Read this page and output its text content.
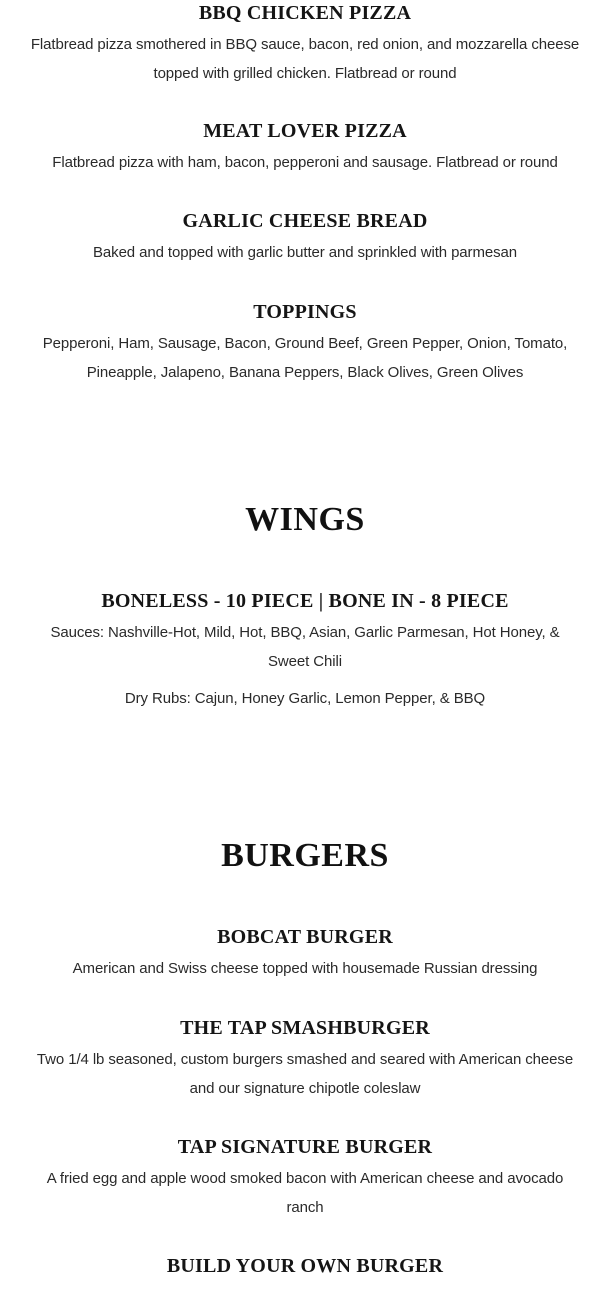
BBQ CHICKEN PIZZA

Flatbread pizza smothered in BBQ sauce, bacon, red onion, and mozzarella cheese topped with grilled chicken. Flatbread or round

MEAT LOVER PIZZA

Flatbread pizza with ham, bacon, pepperoni and sausage. Flatbread or round

GARLIC CHEESE BREAD

Baked and topped with garlic butter and sprinkled with parmesan

TOPPINGS

Pepperoni, Ham, Sausage, Bacon, Ground Beef, Green Pepper, Onion, Tomato, Pineapple, Jalapeno, Banana Peppers, Black Olives, Green Olives

WINGS
BONELESS - 10 PIECE | BONE IN - 8 PIECE

Sauces: Nashville-Hot, Mild, Hot, BBQ, Asian, Garlic Parmesan, Hot Honey, & Sweet Chili

Dry Rubs: Cajun, Honey Garlic, Lemon Pepper, & BBQ

BURGERS
BOBCAT BURGER

American and Swiss cheese topped with housemade Russian dressing

THE TAP SMASHBURGER

Two 1/4 lb seasoned, custom burgers smashed and seared with American cheese and our signature chipotle coleslaw

TAP SIGNATURE BURGER

A fried egg and apple wood smoked bacon with American cheese and avocado ranch

BUILD YOUR OWN BURGER
